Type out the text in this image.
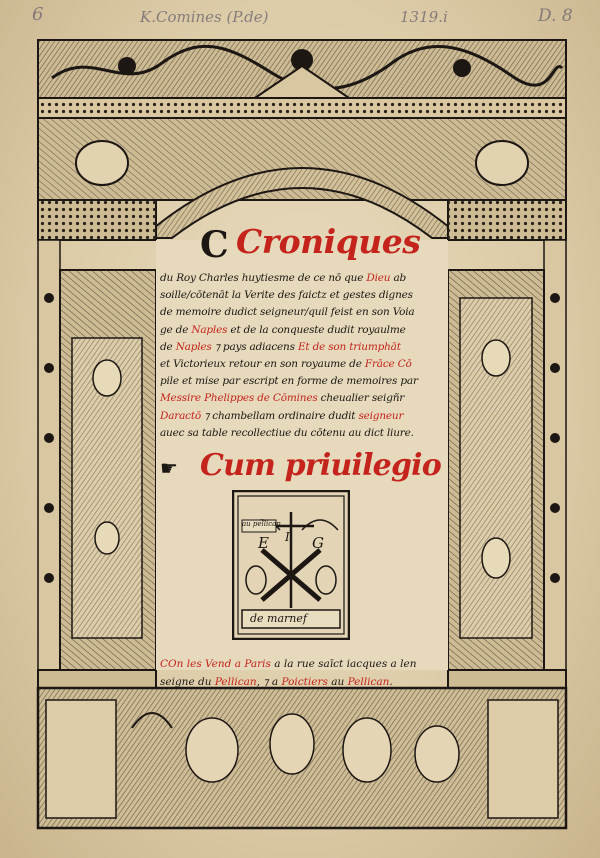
6	K.Comines (P.de)	1319.i	D. 8
C Croniques
du Roy Charles huytiesme de ce nō que Dieu ab
soille/cōtenāt la Verite des faictz et gestes dignes
de memoire dudict seigneur/quil feist en son Voia
ge de Naples et de la conqueste dudit royaulme
de Naples ⁊ pays adiacens Et de son triumphāt
et Victorieux retour en son royaume de Frāce Cō
pile et mise par escript en forme de memoires par
Messire Phelippes de Cōmines cheualier seigñr
Daractō ⁊ chambellam ordinaire dudit seigneur
auec sa table recollectiue du cōtenu au dict liure.
☛ Cum priuilegio
au pellican
E I G
de marnef
COn les Vend a Paris a la rue saīct iacques a len
seigne du Pellican, ⁊ a Poictiers au Pellican.
